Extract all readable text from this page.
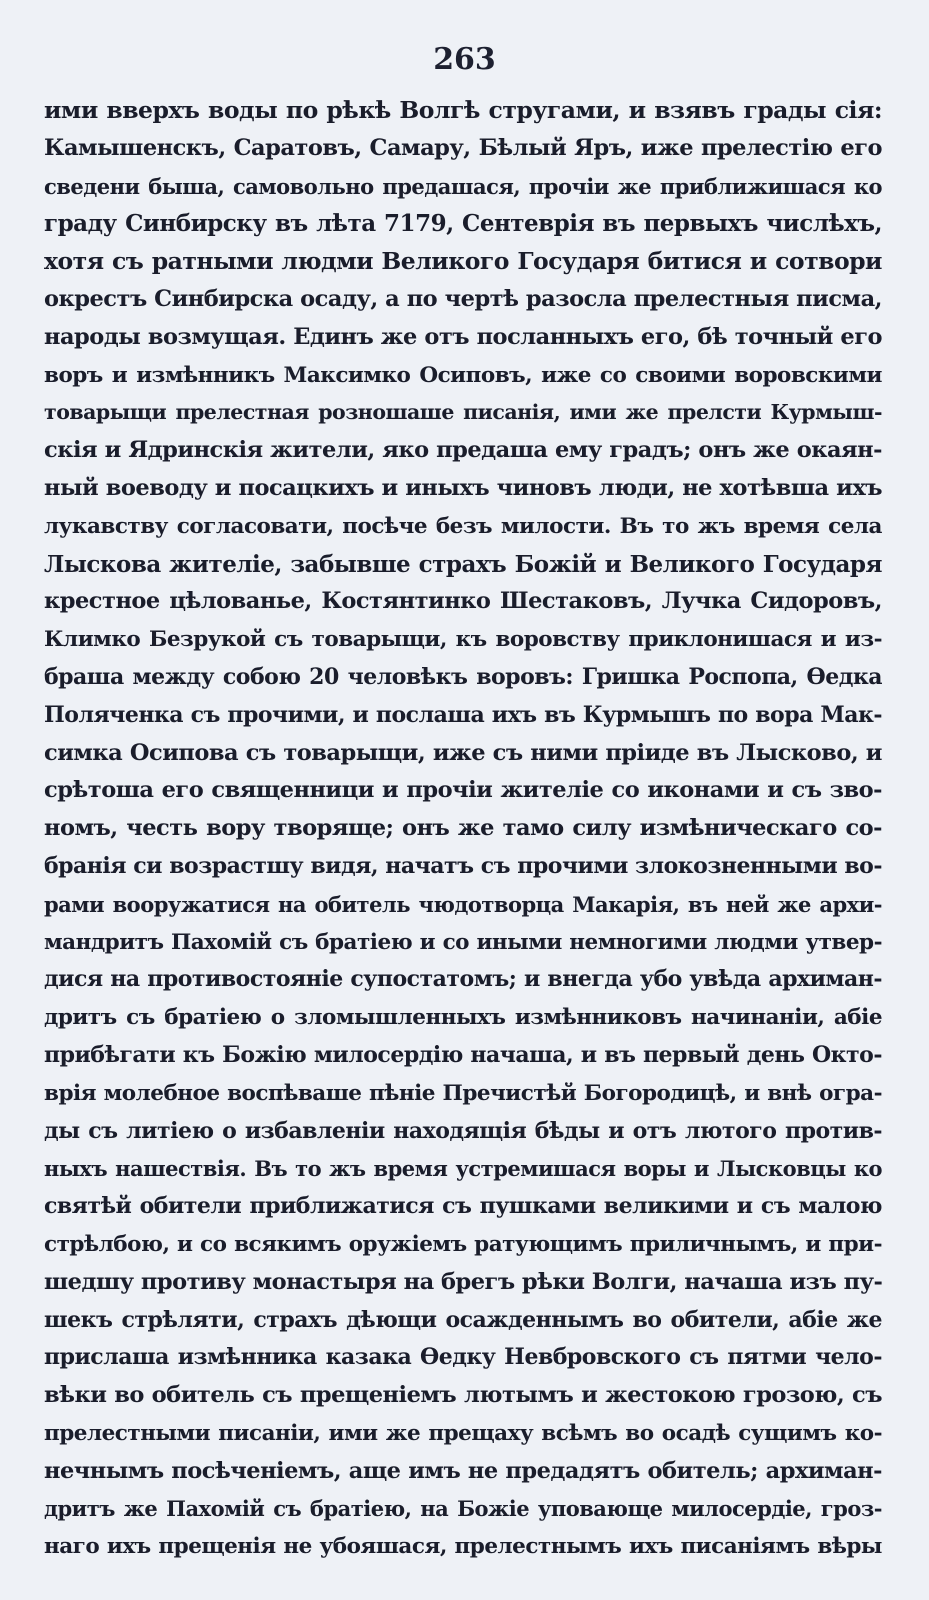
263
ими вверхъ воды по рѣкѣ Волгѣ стругами, и взявъ грады сія:
Камышенскъ, Саратовъ, Самару, Бѣлый Яръ, иже прелестію его
сведени быша, самовольно предашася, прочіи же приближишася ко
граду Синбирску въ лѣта 7179, Сентеврія въ первыхъ числѣхъ,
хотя съ ратными людми Великого Государя битися и сотвори
окрестъ Синбирска осаду, а по чертѣ разосла прелестныя писма,
народы возмущая. Единъ же отъ посланныхъ его, бѣ точный его
воръ и измѣнникъ Максимко Осиповъ, иже со своими воровскими
товарыщи прелестная розношаше писанія, ими же прелсти Курмыш-
скія и Ядринскія жители, яко предаша ему градъ; онъ же окаян-
ный воеводу и посацкихъ и иныхъ чиновъ люди, не хотѣвша ихъ
лукавству согласовати, посѣче безъ милости. Въ то жъ время села
Лыскова жителіе, забывше страхъ Божій и Великого Государя
крестное цѣлованье, Костянтинко Шестаковъ, Лучка Сидоровъ,
Климко Безрукой съ товарыщи, къ воровству приклонишася и из-
браша между собою 20 человѣкъ воровъ: Гришка Роспопа, Ѳедка
Поляченка съ прочими, и послаша ихъ въ Курмышъ по вора Мак-
симка Осипова съ товарыщи, иже съ ними пріиде въ Лысково, и
срѣтоша его священници и прочіи жителіе со иконами и съ зво-
номъ, честь вору творяще; онъ же тамо силу измѣническаго со-
бранія си возрастшу видя, начатъ съ прочими злокозненными во-
рами вооружатися на обитель чюдотворца Макарія, въ ней же архи-
мандритъ Пахомій съ братіею и со иными немногими людми утвер-
дися на противостояніе супостатомъ; и внегда убо увѣда архиман-
дритъ съ братіею о зломышленныхъ измѣнниковъ начинаніи, абіе
прибѣгати къ Божію милосердію начаша, и въ первый день Окто-
врія молебное воспѣваше пѣніе Пречистѣй Богородицѣ, и внѣ огра-
ды съ литіею о избавленіи находящія бѣды и отъ лютого против-
ныхъ нашествія. Въ то жъ время устремишася воры и Лысковцы ко
святѣй обители приближатися съ пушками великими и съ малою
стрѣлбою, и со всякимъ оружіемъ ратующимъ приличнымъ, и при-
шедшу противу монастыря на брегъ рѣки Волги, начаша изъ пу-
шекъ стрѣляти, страхъ дѣющи осажденнымъ во обители, абіе же
прислаша измѣнника казака Ѳедку Невбровского съ пятми чело-
вѣки во обитель съ прещеніемъ лютымъ и жестокою грозою, съ
прелестными писаніи, ими же прещаху всѣмъ во осадѣ сущимъ ко-
нечнымъ посѣченіемъ, аще имъ не предадятъ обитель; архиман-
дритъ же Пахомій съ братіею, на Божіе уповающе милосердіе, гроз-
наго ихъ прещенія не убояшася, прелестнымъ ихъ писаніямъ вѣры
